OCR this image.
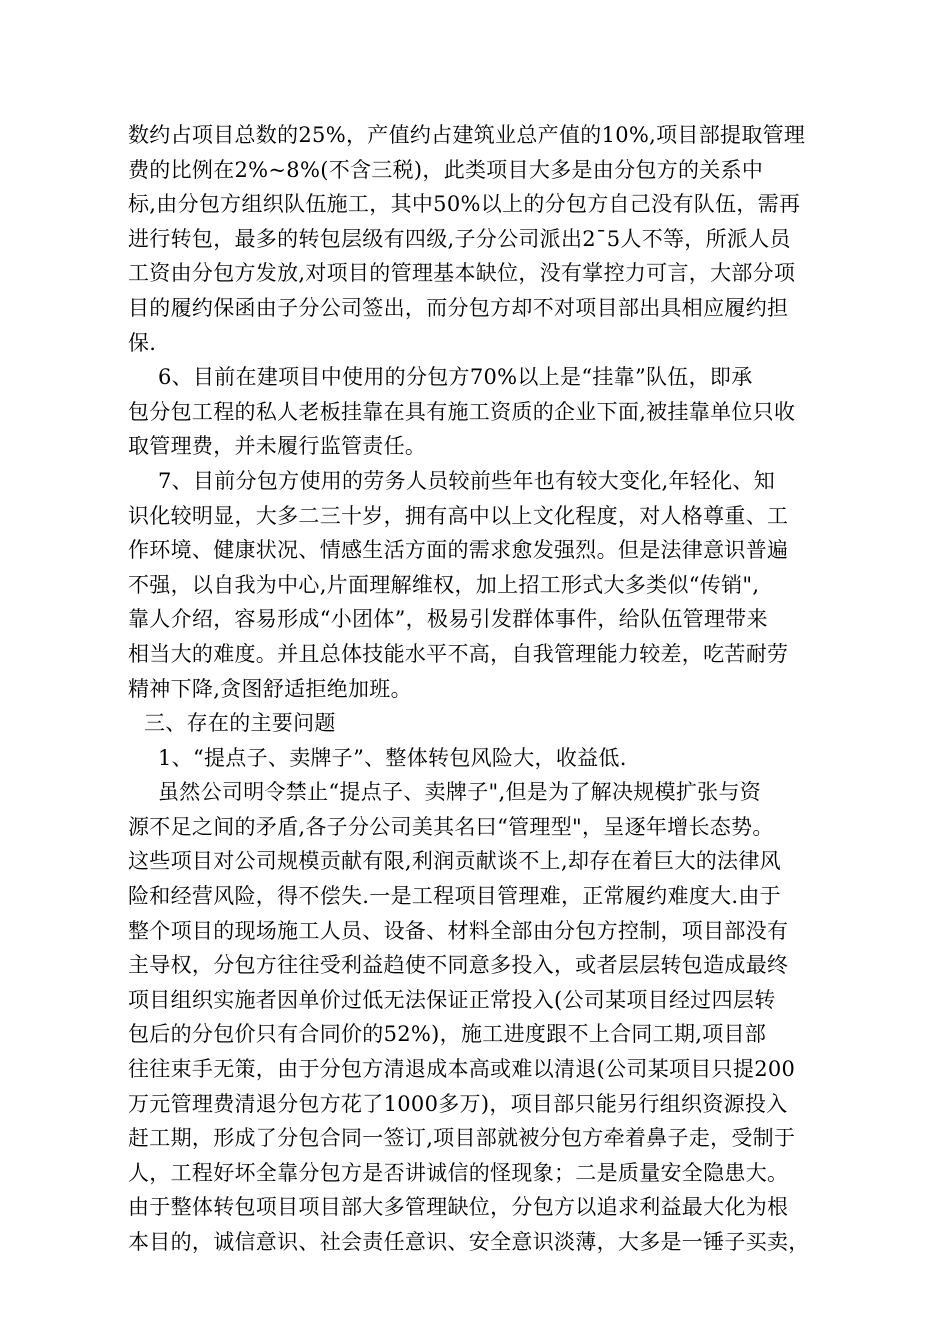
数约占项目总数的25%，产值约占建筑业总产值的10%,项目部提取管理
费的比例在2%~8%(不含三税)，此类项目大多是由分包方的关系中
标,由分包方组织队伍施工，其中50%以上的分包方自己没有队伍，需再
进行转包，最多的转包层级有四级,子分公司派出2¯5人不等，所派人员
工资由分包方发放,对项目的管理基本缺位，没有掌控力可言，大部分项
目的履约保函由子分公司签出，而分包方却不对项目部出具相应履约担
保.
6、目前在建项目中使用的分包方70%以上是“挂靠”队伍，即承
包分包工程的私人老板挂靠在具有施工资质的企业下面,被挂靠单位只收
取管理费，并未履行监管责任。
7、目前分包方使用的劳务人员较前些年也有较大变化,年轻化、知
识化较明显，大多二三十岁，拥有高中以上文化程度，对人格尊重、工
作环境、健康状况、情感生活方面的需求愈发强烈。但是法律意识普遍
不强，以自我为中心,片面理解维权，加上招工形式大多类似“传销",
靠人介绍，容易形成“小团体”，极易引发群体事件，给队伍管理带来
相当大的难度。并且总体技能水平不高，自我管理能力较差，吃苦耐劳
精神下降,贪图舒适拒绝加班。
三、存在的主要问题
1、“提点子、卖牌子”、整体转包风险大，收益低.
虽然公司明令禁止“提点子、卖牌子",但是为了解决规模扩张与资
源不足之间的矛盾,各子分公司美其名曰“管理型"，呈逐年增长态势。
这些项目对公司规模贡献有限,利润贡献谈不上,却存在着巨大的法律风
险和经营风险，得不偿失.一是工程项目管理难，正常履约难度大.由于
整个项目的现场施工人员、设备、材料全部由分包方控制，项目部没有
主导权，分包方往往受利益趋使不同意多投入，或者层层转包造成最终
项目组织实施者因单价过低无法保证正常投入(公司某项目经过四层转
包后的分包价只有合同价的52%)，施工进度跟不上合同工期,项目部
往往束手无策，由于分包方清退成本高或难以清退(公司某项目只提200
万元管理费清退分包方花了1000多万)，项目部只能另行组织资源投入
赶工期，形成了分包合同一签订,项目部就被分包方牵着鼻子走，受制于
人，工程好坏全靠分包方是否讲诚信的怪现象；二是质量安全隐患大。
由于整体转包项目项目部大多管理缺位，分包方以追求利益最大化为根
本目的，诚信意识、社会责任意识、安全意识淡薄，大多是一锤子买卖，
